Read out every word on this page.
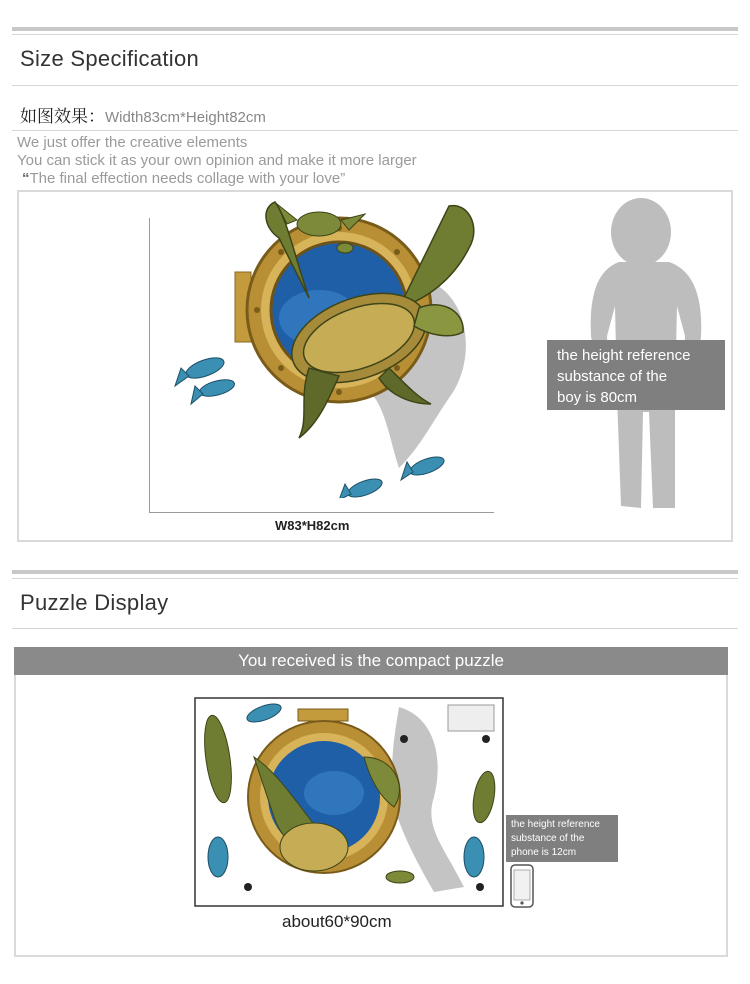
Size Specification
如图效果：Width83cm*Height82cm
We just offer the creative elements
You can stick it as your own opinion and make it more larger
“The final effection needs collage with your love”
W83*H82cm
the height reference
substance of the
boy is 80cm
Puzzle Display
You received is the compact puzzle
the height reference
substance of the
phone is 12cm
about60*90cm
